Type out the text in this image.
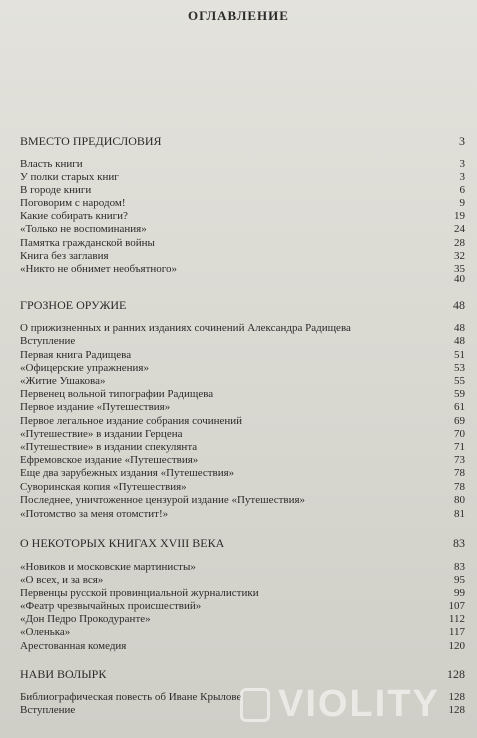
ОГЛАВЛЕНИЕ
ВМЕСТО ПРЕДИСЛОВИЯ	3
Власть книги	3
У полки старых книг	3
В городе книги	6
Поговорим с народом!	9
Какие собирать книги?	19
«Только не воспоминания»	24
Памятка гражданской войны	28
Книга без заглавия	32
«Никто не обнимет необъятного»	35
40
ГРОЗНОЕ ОРУЖИЕ	48
О прижизненных и ранних изданиях сочинений Александра Радищева	48
Вступление	48
Первая книга Радищева	51
«Офицерские упражнения»	53
«Житие Ушакова»	55
Первенец вольной типографии Радищева	59
Первое издание «Путешествия»	61
Первое легальное издание собрания сочинений	69
«Путешествие» в издании Герцена	70
«Путешествие» в издании спекулянта	71
Ефремовское издание «Путешествия»	73
Еще два зарубежных издания «Путешествия»	78
Суворинская копия «Путешествия»	78
Последнее, уничтоженное цензурой издание «Путешествия»	80
«Потомство за меня отомстит!»	81
О НЕКОТОРЫХ КНИГАХ XVIII ВЕКА	83
«Новиков и московские мартинисты»	83
«О всех, и за вся»	95
Первенцы русской провинциальной журналистики	99
«Феатр чрезвычайных происшествий»	107
«Дон Педро Прокодуранте»	112
«Оленька»	117
Арестованная комедия	120
НАВИ ВОЛЫРК	128
Библиографическая повесть об Иване Крылове	128
Вступление	128
VIOLITY
